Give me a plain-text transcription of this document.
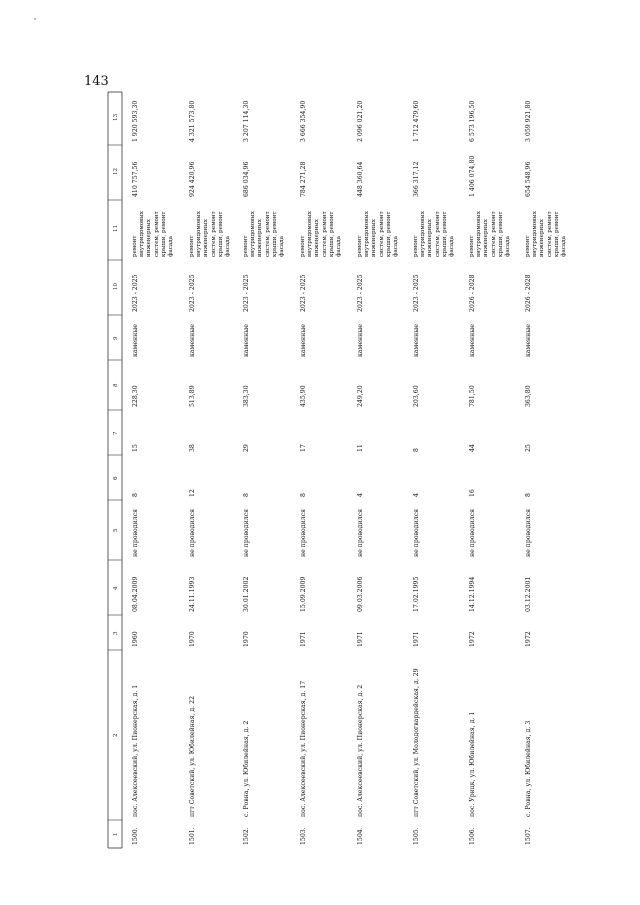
143
1
2
3
4
5
6
7
8
9
10
11
12
13
1500.
пос. Алексеевский, ул. Пионерская, д. 1
1960
08.04.2009
не проводился
8
15
228,30
каменные
2023 - 2025
ремонт внутридомовых инженерных систем, ремонт крыши, ремонт фасада
410 757,56
1 920 593,30
1501.
пгт Советский, ул. Юбилейная, д. 22
1970
24.11.1993
не проводился
12
38
513,89
каменные
2023 - 2025
ремонт внутридомовых инженерных систем, ремонт крыши, ремонт фасада
924 420,96
4 321 573,80
1502.
с. Ровна, ул. Юбилейная, д. 2
1970
30.01.2002
не проводился
8
29
383,30
каменные
2023 - 2025
ремонт внутридомовых инженерных систем, ремонт крыши, ремонт фасада
686 034,96
3 207 114,30
1503.
пос. Алексеевский, ул. Пионерская, д. 17
1971
15.09.2009
не проводился
8
17
435,90
каменные
2023 - 2025
ремонт внутридомовых инженерных систем, ремонт крыши, ремонт фасада
784 271,28
3 666 354,90
1504.
пос. Алексеевский, ул. Пионерская, д. 2
1971
09.03.2006
не проводился
4
11
249,20
каменные
2023 - 2025
ремонт внутридомовых инженерных систем, ремонт крыши, ремонт фасада
448 360,64
2 096 021,20
1505.
пгт Советский, ул. Молодогвардейская, д. 29
1971
17.02.1995
не проводился
4
8
203,60
каменные
2023 - 2025
ремонт внутридомовых инженерных систем, ремонт крыши, ремонт фасада
366 317,12
1 712 479,60
1506.
пос. Урицк, ул. Юбилейная, д. 1
1972
14.12.1994
не проводился
16
44
781,50
каменные
2026 - 2028
ремонт внутридомовых инженерных систем, ремонт крыши, ремонт фасада
1 406 074,80
6 573 196,50
1507.
с. Ровна, ул. Юбилейная, д. 3
1972
03.12.2001
не проводился
8
25
363,80
каменные
2026 - 2028
ремонт внутридомовых инженерных систем, ремонт крыши, ремонт фасада
654 548,96
3 059 921,80
